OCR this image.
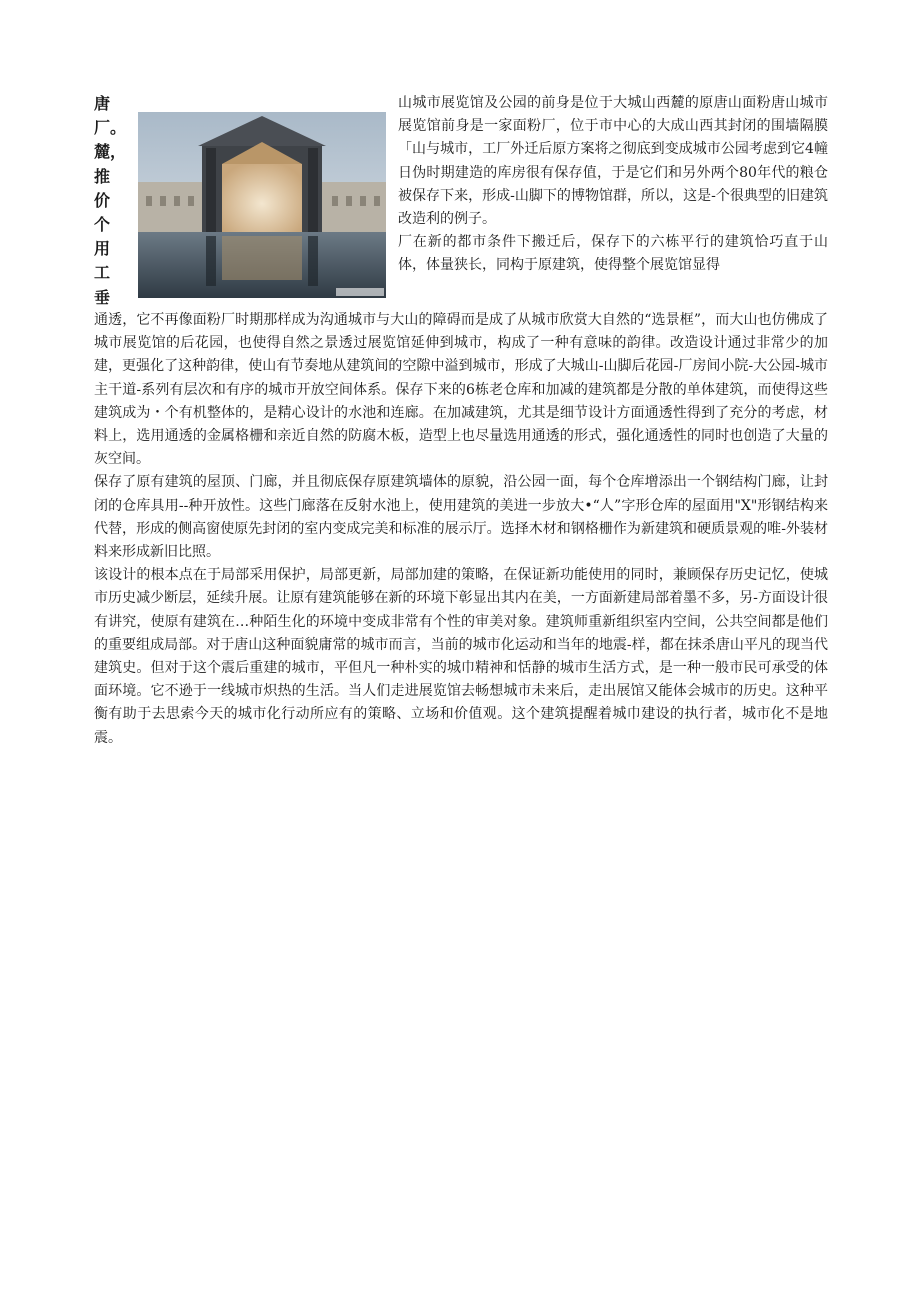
唐
厂。
麓，
推
价
个
用
工
垂

山城市展览馆及公园的前身是位于大城山西麓的原唐山面粉唐山城市展览馆前身是一家面粉厂，位于市中心的大成山西其封闭的围墙隔膜「山与城市，工厂外迁后原方案将之彻底到变成城市公园考虑到它4幢日伪时期建造的库房很有保存值，于是它们和另外两个80年代的粮仓被保存下来，形成-山脚下的博物馆群，所以，这是-个很典型的旧建筑改造利的例子。

厂在新的都市条件下搬迁后，保存下的六栋平行的建筑恰巧直于山体，体量狭长，同构于原建筑，使得整个展览馆显得

通透，它不再像面粉厂时期那样成为沟通城市与大山的障碍而是成了从城市欣赏大自然的“选景框”，而大山也仿佛成了城市展览馆的后花园，也使得自然之景透过展览馆延伸到城市，构成了一种有意味的韵律。改造设计通过非常少的加建，更强化了这种韵律，使山有节奏地从建筑间的空隙中溢到城市，形成了大城山-山脚后花园-厂房间小院-大公园-城市主干道-系列有层次和有序的城市开放空间体系。保存下来的6栋老仓库和加减的建筑都是分散的单体建筑，而使得这些建筑成为・个有机整体的，是精心设计的水池和连廊。在加减建筑，尤其是细节设计方面通透性得到了充分的考虑，材料上，选用通透的金属格栅和亲近自然的防腐木板，造型上也尽量选用通透的形式，强化通透性的同时也创造了大量的灰空间。

保存了原有建筑的屋顶、门廊，并且彻底保存原建筑墙体的原貌，沿公园一面，每个仓库增添出一个钢结构门廊，让封闭的仓库具用--种开放性。这些门廊落在反射水池上，使用建筑的美进一步放大•“人”字形仓库的屋面用"X"形钢结构来代替，形成的侧高窗使原先封闭的室内变成完美和标准的展示厅。选择木材和钢格栅作为新建筑和硬质景观的唯-外装材料来形成新旧比照。

该设计的根本点在于局部采用保护，局部更新，局部加建的策略，在保证新功能使用的同时，兼顾保存历史记忆，使城市历史减少断层，延续升展。让原有建筑能够在新的环境下彰显出其内在美，一方面新建局部着墨不多，另-方面设计很有讲究，使原有建筑在…种陌生化的环境中变成非常有个性的审美对象。建筑师重新组织室内空间，公共空间都是他们的重要组成局部。对于唐山这种面貌庸常的城市而言，当前的城市化运动和当年的地震-样，都在抹杀唐山平凡的现当代建筑史。但对于这个震后重建的城市，平但凡一种朴实的城巾精神和恬静的城市生活方式，是一种一般市民可承受的体面环境。它不逊于一线城市炽热的生活。当人们走进展览馆去畅想城市未来后，走出展馆又能体会城市的历史。这种平衡有助于去思索今天的城市化行动所应有的策略、立场和价值观。这个建筑提醒着城巾建设的执行者，城市化不是地震。
